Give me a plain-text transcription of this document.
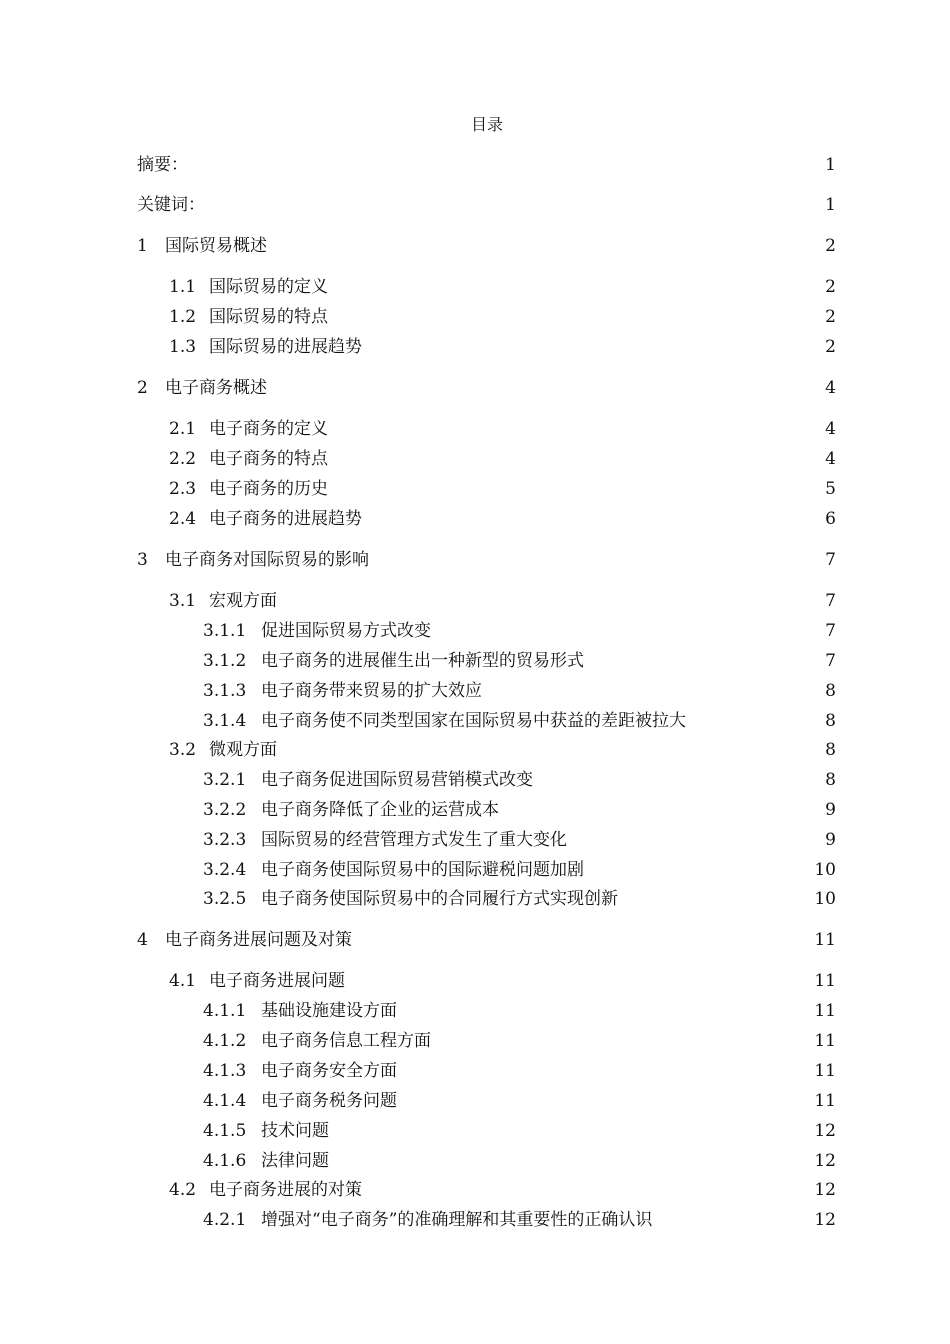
目录
摘要：	1
关键词：	1
1 国际贸易概述	2
1.1 国际贸易的定义	2
1.2 国际贸易的特点	2
1.3 国际贸易的进展趋势	2
2 电子商务概述	4
2.1 电子商务的定义	4
2.2 电子商务的特点	4
2.3 电子商务的历史	5
2.4 电子商务的进展趋势	6
3 电子商务对国际贸易的影响	7
3.1 宏观方面	7
3.1.1 促进国际贸易方式改变	7
3.1.2 电子商务的进展催生出一种新型的贸易形式	7
3.1.3 电子商务带来贸易的扩大效应	8
3.1.4 电子商务使不同类型国家在国际贸易中获益的差距被拉大	8
3.2 微观方面	8
3.2.1 电子商务促进国际贸易营销模式改变	8
3.2.2 电子商务降低了企业的运营成本	9
3.2.3 国际贸易的经营管理方式发生了重大变化	9
3.2.4 电子商务使国际贸易中的国际避税问题加剧	10
3.2.5 电子商务使国际贸易中的合同履行方式实现创新	10
4 电子商务进展问题及对策	11
4.1 电子商务进展问题	11
4.1.1 基础设施建设方面	11
4.1.2 电子商务信息工程方面	11
4.1.3 电子商务安全方面	11
4.1.4 电子商务税务问题	11
4.1.5 技术问题	12
4.1.6 法律问题	12
4.2 电子商务进展的对策	12
4.2.1 增强对“电子商务”的准确理解和其重要性的正确认识	12
